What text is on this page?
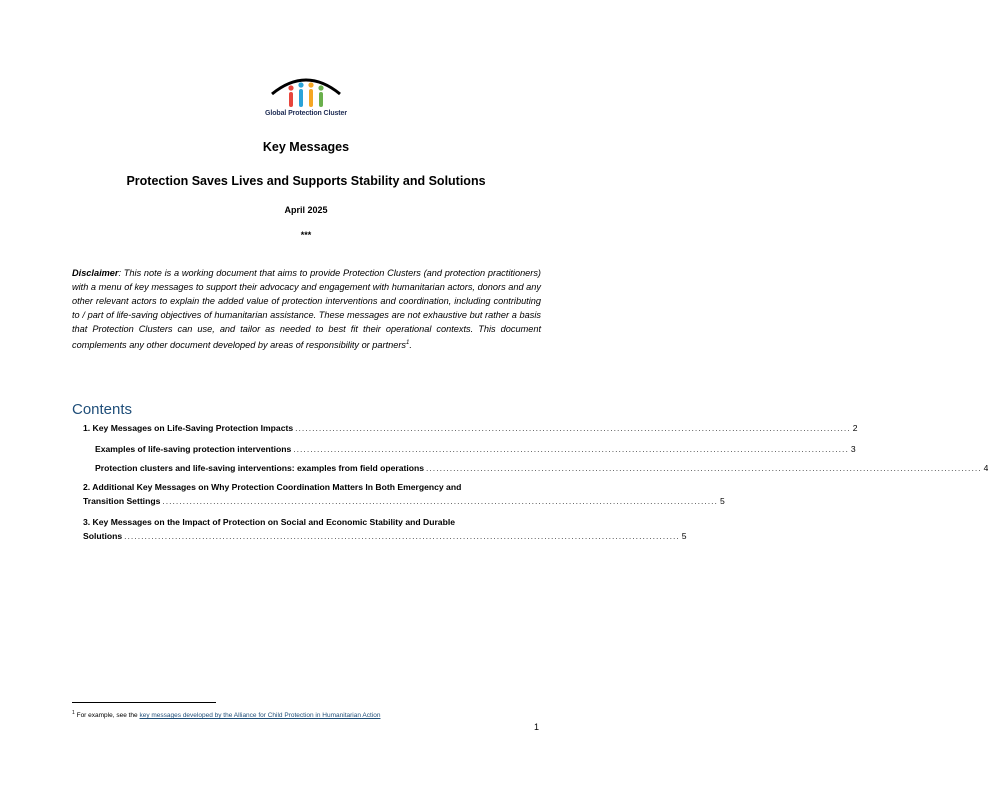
Global Protection Cluster
Key Messages
Protection Saves Lives and Supports Stability and Solutions
April 2025
***
Disclaimer: This note is a working document that aims to provide Protection Clusters (and protection practitioners) with a menu of key messages to support their advocacy and engagement with humanitarian actors, donors and any other relevant actors to explain the added value of protection interventions and coordination, including contributing to / part of life-saving objectives of humanitarian assistance. These messages are not exhaustive but rather a basis that Protection Clusters can use, and tailor as needed to best fit their operational contexts. This document complements any other document developed by areas of responsibility or partners$^1$.
Contents
1. Key Messages on Life-Saving Protection Impacts .................................................................................................................................................................... 2
Examples of life-saving protection interventions .................................................................................................................................................................... 3
Protection clusters and life-saving interventions: examples from field operations .................................................................................................................................................................... 4
2. Additional Key Messages on Why Protection Coordination Matters In Both Emergency and
Transition Settings .................................................................................................................................................................... 5
3. Key Messages on the Impact of Protection on Social and Economic Stability and Durable
Solutions .................................................................................................................................................................... 5
$^1$ For example, see the key messages developed by the Alliance for Child Protection in Humanitarian Action
1
